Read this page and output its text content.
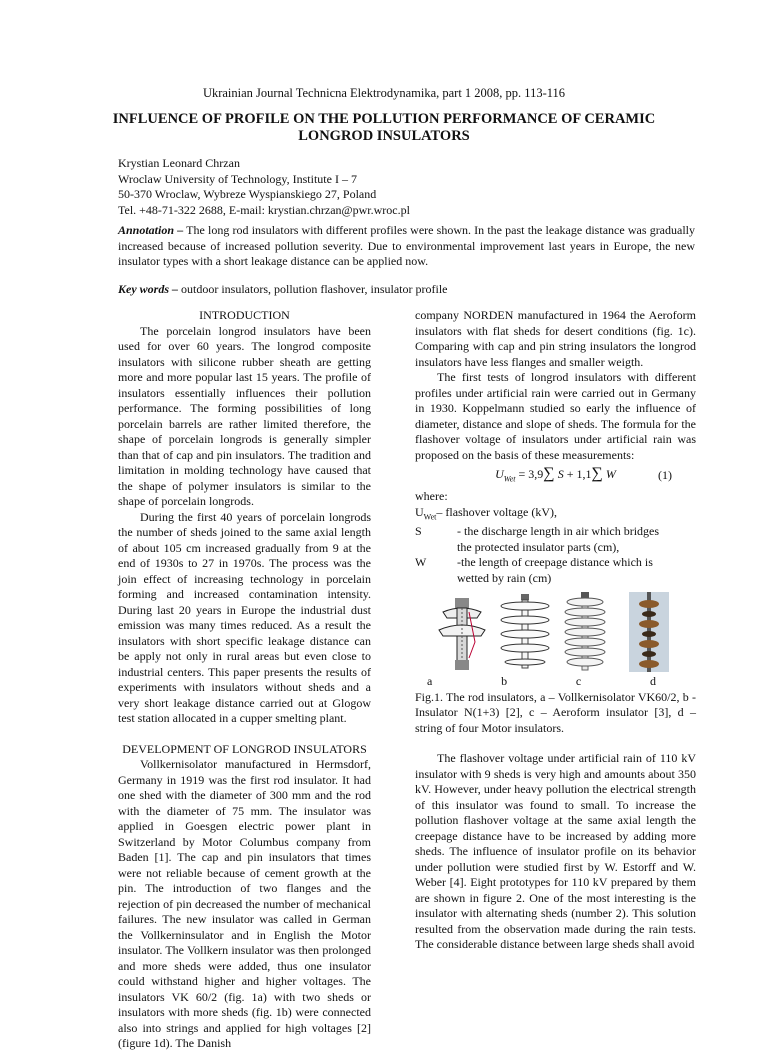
Ukrainian Journal Technicna Elektrodynamika, part 1 2008, pp. 113-116
INFLUENCE OF PROFILE ON THE POLLUTION PERFORMANCE OF CERAMIC
LONGROD INSULATORS
Krystian Leonard Chrzan
Wroclaw University of Technology, Institute I – 7
50-370 Wroclaw, Wybreze Wyspianskiego 27, Poland
Tel. +48-71-322 2688, E-mail: krystian.chrzan@pwr.wroc.pl
Annotation – The long rod insulators with different profiles were shown. In the past the leakage distance was gradually increased because of increased pollution severity. Due to environmental improvement last years in Europe, the new insulator types with a short leakage distance can be applied now.
Key words – outdoor insulators, pollution flashover, insulator profile

INTRODUCTION

The porcelain longrod insulators have been used for over 60 years. The longrod composite insulators with silicone rubber sheath are getting more and more popular last 15 years. The profile of insulators essentially influences their pollution performance. The forming possibilities of long porcelain barrels are rather limited therefore, the shape of porcelain longrods is generally simpler than that of cap and pin insulators. The tradition and limitation in molding technology have caused that the shape of polymer insulators is similar to the shape of porcelain longrods.

During the first 40 years of porcelain longrods the number of sheds joined to the same axial length of about 105 cm increased gradually from 9 at the end of 1930s to 27 in 1970s. The process was the join effect of increasing technology in porcelain forming and increased contamination intensity. During last 20 years in Europe the industrial dust emission was many times reduced. As a result the insulators with short specific leakage distance can be apply not only in rural areas but even close to industrial centers. This paper presents the results of experiments with insulators without sheds and a very short leakage distance carried out at Glogow test station allocated in a cupper smelting plant.

DEVELOPMENT OF LONGROD INSULATORS

Vollkernisolator manufactured in Hermsdorf, Germany in 1919 was the first rod insulator. It had one shed with the diameter of 300 mm and the rod with the diameter of 75 mm. The insulator was applied in Goesgen electric power plant in Switzerland by Motor Columbus company from Baden [1]. The cap and pin insulators that times were not reliable because of cement growth at the pin. The introduction of two flanges and the rejection of pin decreased the number of mechanical failures. The new insulator was called in German the Vollkerninsulator and in English the Motor insulator. The Vollkern insulator was then prolonged and more sheds were added, thus one insulator could withstand higher and higher voltages. The insulators VK 60/2 (fig. 1a) with two sheds or insulators with more sheds (fig. 1b) were connected also into strings and applied for high voltages [2] (figure 1d). The Danish

company NORDEN manufactured in 1964 the Aeroform insulators with flat sheds for desert conditions (fig. 1c). Comparing with cap and pin string insulators the longrod insulators have less flanges and smaller weigth.

The first tests of longrod insulators with different profiles under artificial rain were carried out in Germany in 1930. Koppelmann studied so early the influence of diameter, distance and slope of sheds. The formula for the flashover voltage of insulators under artificial rain was proposed on the basis of these measurements:

$U_{Wet} = 3,9\sum$ S + 1,1∑ W	(1)

where:

$U_{Wet}$ – flashover voltage (kV),
S	- the discharge length in air which bridges
the protected insulator parts (cm),
W	-the length of creepage distance which is
wetted by rain (cm)
a	b	c	d

Fig.1. The rod insulators, a – Vollkernisolator VK60/2, b - Insulator N(1+3) [2], c – Aeroform insulator [3], d – string of four Motor insulators.

The flashover voltage under artificial rain of 110 kV insulator with 9 sheds is very high and amounts about 350 kV. However, under heavy pollution the electrical strength of this insulator was found to small. To increase the pollution flashover voltage at the same axial length the creepage distance have to be increased by adding more sheds. The influence of insulator profile on its behavior under pollution were studied first by W. Estorff and W. Weber [4]. Eight prototypes for 110 kV prepared by them are shown in figure 2. One of the most interesting is the insulator with alternating sheds (number 2). This solution resulted from the observation made during the rain tests. The considerable distance between large sheds shall avoid
